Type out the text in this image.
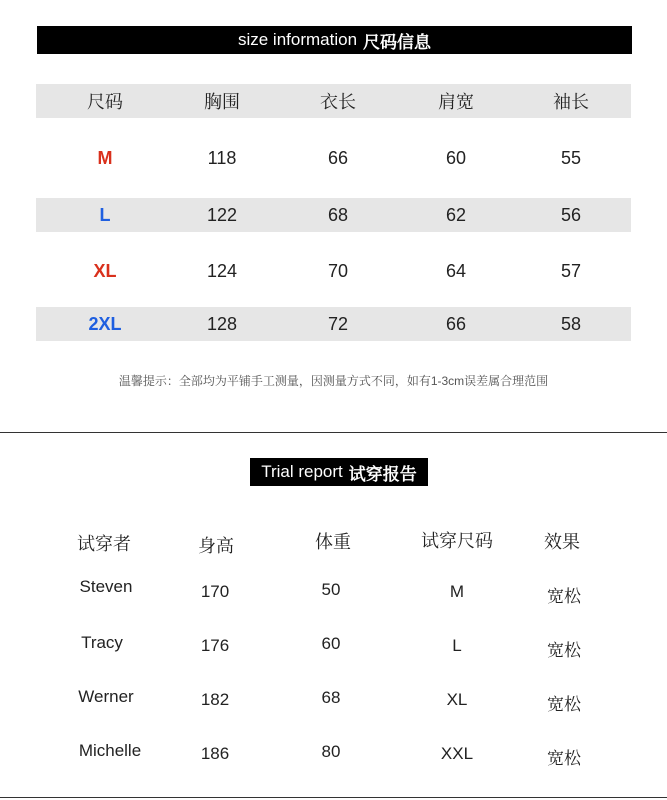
size information 尺码信息
尺码	胸围	衣长	肩宽	袖长
M	118	66	60	55
L	122	68	62	56
XL	124	70	64	57
2XL	128	72	66	58
温馨提示：全部均为平铺手工测量，因测量方式不同，如有1-3cm误差属合理范围
Trial report 试穿报告
试穿者	身高	体重	试穿尺码	效果
Steven	170	50	M	宽松
Tracy	176	60	L	宽松
Werner	182	68	XL	宽松
Michelle	186	80	XXL	宽松
